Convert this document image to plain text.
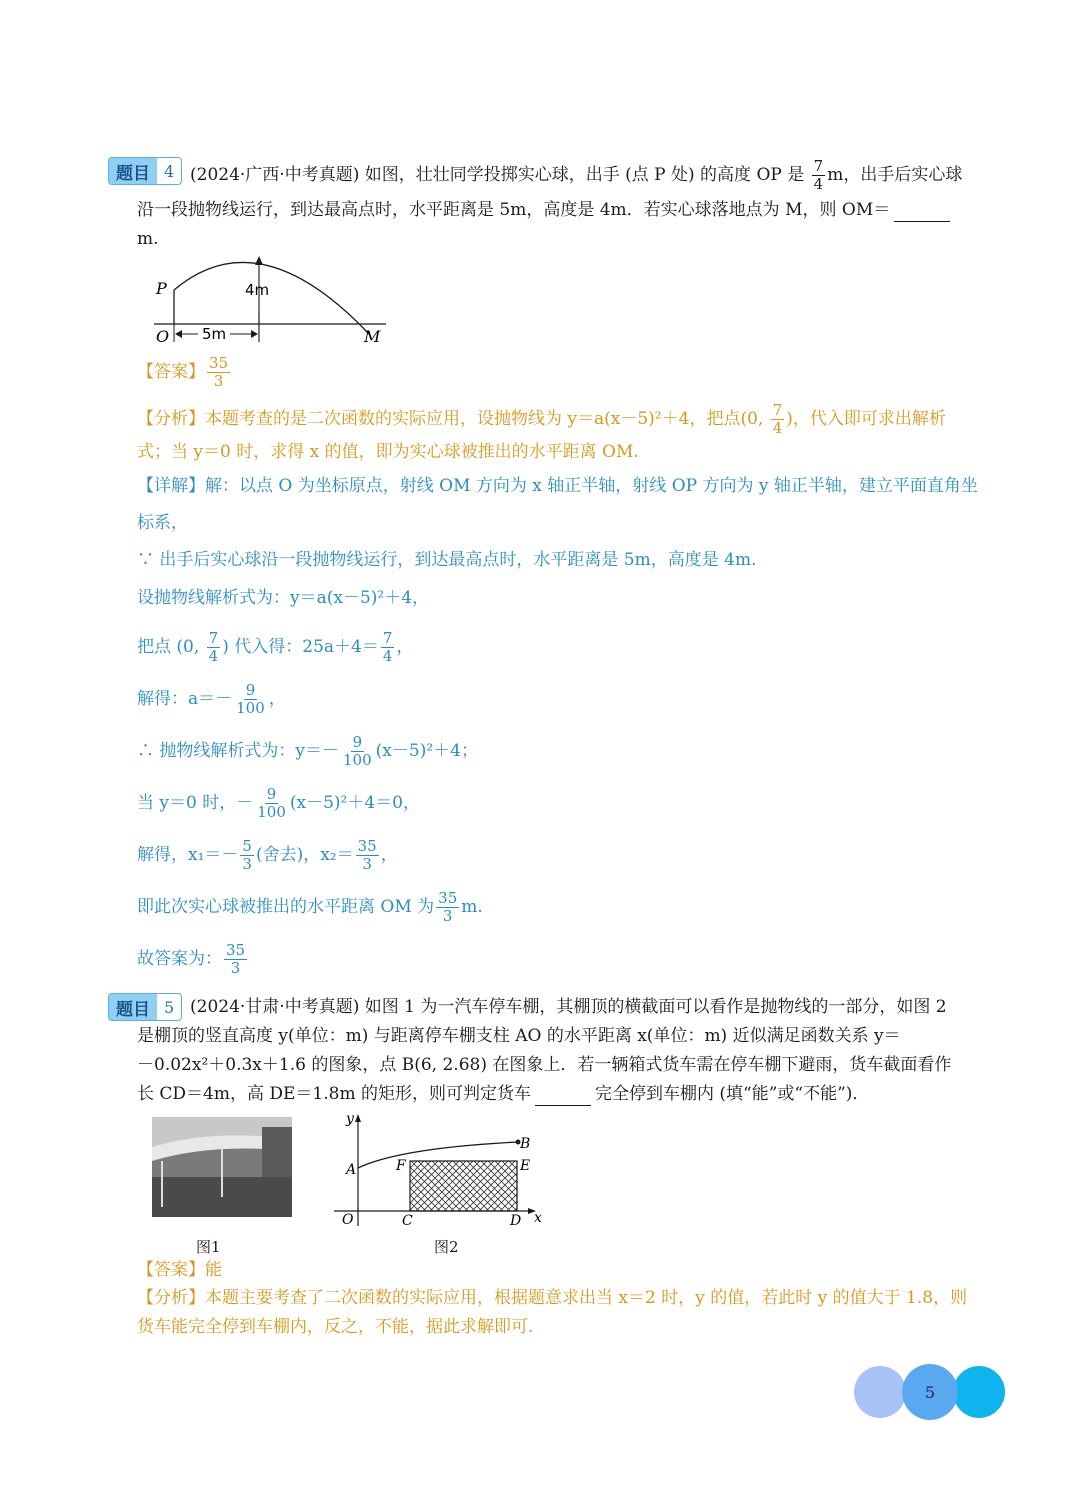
题目 4 (2024·广西·中考真题) 如图，壮壮同学投掷实心球，出手 (点 P 处) 的高度 OP 是 $\frac{7}{4}$ m，出手后实心球
沿一段抛物线运行，到达最高点时，水平距离是 5m，高度是 4m．若实心球落地点为 M，则 OM＝
m.
P
O	M
4m
5m
【答案】 $\frac{35}{3}$
【分析】本题考查的是二次函数的实际应用，设抛物线为 y＝a(x－5)²＋4，把点(0, $\frac{7}{4}$ )，代入即可求出解析
式；当 y＝0 时，求得 x 的值，即为实心球被推出的水平距离 OM.
【详解】解：以点 O 为坐标原点，射线 OM 方向为 x 轴正半轴，射线 OP 方向为 y 轴正半轴，建立平面直角坐
标系，
∵ 出手后实心球沿一段抛物线运行，到达最高点时，水平距离是 5m，高度是 4m.
设抛物线解析式为：y＝a(x－5)²＋4，
把点 (0, $\frac{7}{4}$ ) 代入得：$25a+4= \frac{7}{4}$ ，
解得：$a=- \frac{9}{100}$ ，
∴ 抛物线解析式为：$y=- \frac{9}{100} (x-5)^2+4$；
当 y＝0 时，－ $\frac{9}{100} (x-5)^2+4=0$，
解得，$x_1=- \frac{5}{3}$ (舍去)，$x_2= \frac{35}{3}$ ，
即此次实心球被推出的水平距离 OM 为 $\frac{35}{3} m$.
故答案为： $\frac{35}{3}$
题目 5 (2024·甘肃·中考真题) 如图 1 为一汽车停车棚，其棚顶的横截面可以看作是抛物线的一部分，如图 2
是棚顶的竖直高度 y(单位：m) 与距离停车棚支柱 AO 的水平距离 x(单位：m) 近似满足函数关系 y＝
－0.02x²＋0.3x＋1.6 的图象，点 B(6, 2.68) 在图象上．若一辆箱式货车需在停车棚下避雨，货车截面看作
长 CD＝4m，高 DE＝1.8m 的矩形，则可判定货车	完全停到车棚内 (填“能”或“不能”)．
图1
y
x
O
A
B
C	D
E
F
图2
【答案】能
【分析】本题主要考查了二次函数的实际应用，根据题意求出当 x＝2 时，y 的值，若此时 y 的值大于 1.8，则
货车能完全停到车棚内，反之，不能，据此求解即可.
5
